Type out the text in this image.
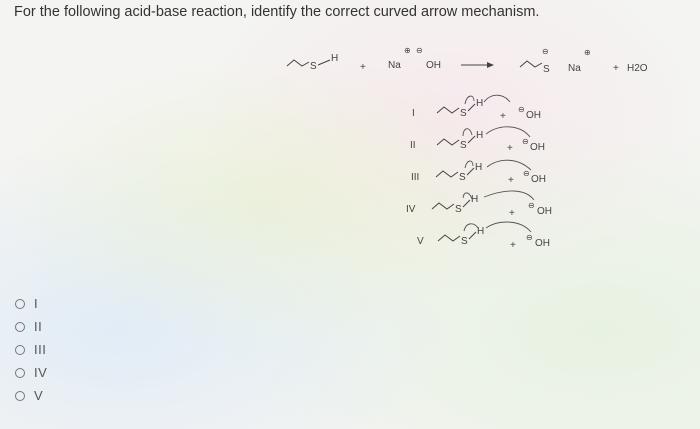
For the following acid-base reaction, identify the correct curved arrow mechanism.

S
H
+
⊕ ⊖
Na	OH
⊖
S
⊕
Na	+ H2O
I	S
H
+
⊖
OH
II	S
H
+
⊖
OH
III	S
H
+
⊖
OH
IV	S
H
+
⊖
OH
V	S
H
+
⊖
OH
I
II
III
IV
V
